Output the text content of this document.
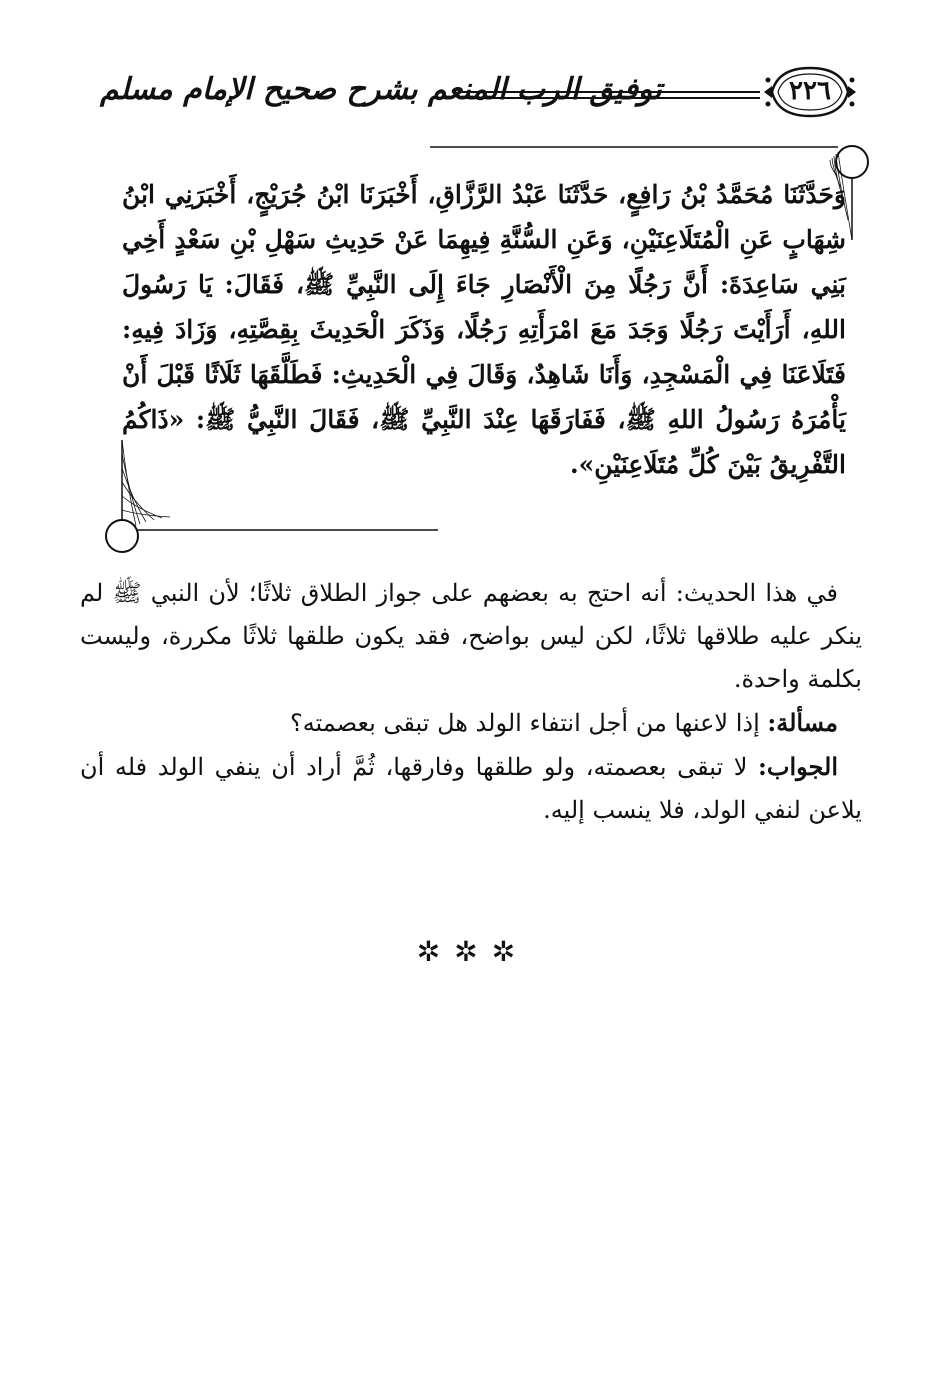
توفيق الرب المنعم بشرح صحيح الإمام مسلم	٢٢٦
وَحَدَّثَنَا مُحَمَّدُ بْنُ رَافِعٍ، حَدَّثَنَا عَبْدُ الرَّزَّاقِ، أَخْبَرَنَا ابْنُ جُرَيْجٍ، أَخْبَرَنِي ابْنُ شِهَابٍ عَنِ الْمُتَلَاعِنَيْنِ، وَعَنِ السُّنَّةِ فِيهِمَا عَنْ حَدِيثِ سَهْلِ بْنِ سَعْدٍ أَخِي بَنِي سَاعِدَةَ: أَنَّ رَجُلًا مِنَ الْأَنْصَارِ جَاءَ إِلَى النَّبِيِّ ﷺ، فَقَالَ: يَا رَسُولَ اللهِ، أَرَأَيْتَ رَجُلًا وَجَدَ مَعَ امْرَأَتِهِ رَجُلًا، وَذَكَرَ الْحَدِيثَ بِقِصَّتِهِ، وَزَادَ فِيهِ: فَتَلَاعَنَا فِي الْمَسْجِدِ، وَأَنَا شَاهِدٌ، وَقَالَ فِي الْحَدِيثِ: فَطَلَّقَهَا ثَلَاثًا قَبْلَ أَنْ يَأْمُرَهُ رَسُولُ اللهِ ﷺ، فَفَارَقَهَا عِنْدَ النَّبِيِّ ﷺ، فَقَالَ النَّبِيُّ ﷺ: «ذَاكُمُ التَّفْرِيقُ بَيْنَ كُلِّ مُتَلَاعِنَيْنِ».

في هذا الحديث: أنه احتج به بعضهم على جواز الطلاق ثلاثًا؛ لأن النبي ﷺ لم ينكر عليه طلاقها ثلاثًا، لكن ليس بواضح، فقد يكون طلقها ثلاثًا مكررة، وليست بكلمة واحدة.

مسألة: إذا لاعنها من أجل انتفاء الولد هل تبقى بعصمته؟

الجواب: لا تبقى بعصمته، ولو طلقها وفارقها، ثُمَّ أراد أن ينفي الولد فله أن يلاعن لنفي الولد، فلا ينسب إليه.

✲✲✲
